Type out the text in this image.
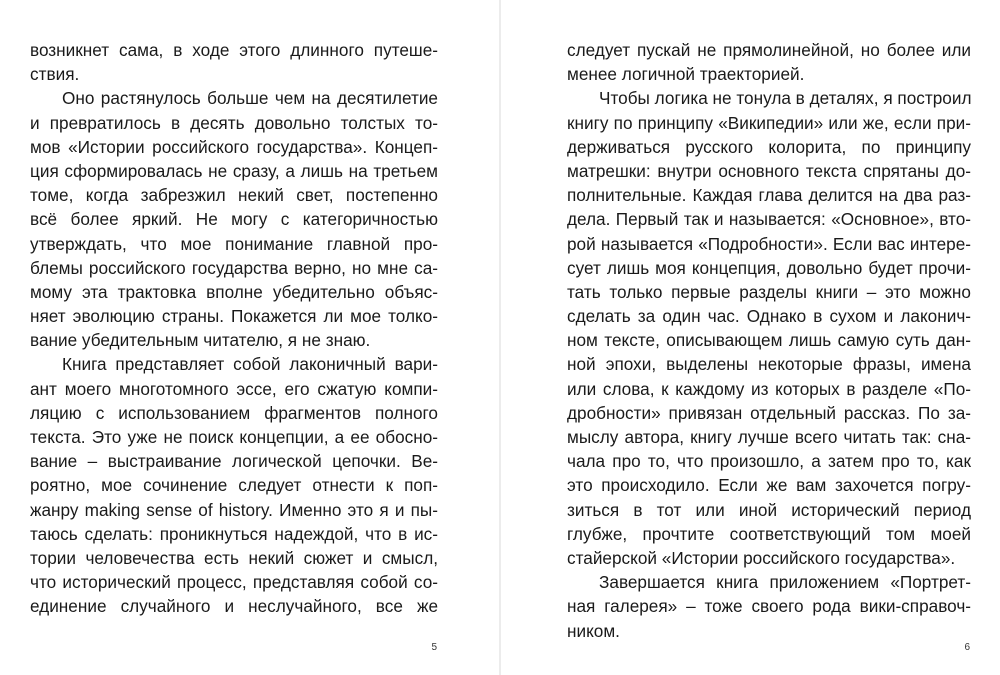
возникнет сама, в ходе этого длинного путеше-
ствия.
Оно растянулось больше чем на десятилетие
и превратилось в десять довольно толстых то-
мов «Истории российского государства». Концеп-
ция сформировалась не сразу, а лишь на третьем
томе, когда забрезжил некий свет, постепенно
всё более яркий. Не могу с категоричностью
утверждать, что мое понимание главной про-
блемы российского государства верно, но мне са-
мому эта трактовка вполне убедительно объяс-
няет эволюцию страны. Покажется ли мое толко-
вание убедительным читателю, я не знаю.
Книга представляет собой лаконичный вари-
ант моего многотомного эссе, его сжатую компи-
ляцию с использованием фрагментов полного
текста. Это уже не поиск концепции, а ее обосно-
вание – выстраивание логической цепочки. Ве-
роятно, мое сочинение следует отнести к поп-
жанру making sense of history. Именно это я и пы-
таюсь сделать: проникнуться надеждой, что в ис-
тории человечества есть некий сюжет и смысл,
что исторический процесс, представляя собой со-
единение случайного и неслучайного, все же
5
следует пускай не прямолинейной, но более или
менее логичной траекторией.
Чтобы логика не тонула в деталях, я построил
книгу по принципу «Википедии» или же, если при-
держиваться русского колорита, по принципу
матрешки: внутри основного текста спрятаны до-
полнительные. Каждая глава делится на два раз-
дела. Первый так и называется: «Основное», вто-
рой называется «Подробности». Если вас интере-
сует лишь моя концепция, довольно будет прочи-
тать только первые разделы книги – это можно
сделать за один час. Однако в сухом и лаконич-
ном тексте, описывающем лишь самую суть дан-
ной эпохи, выделены некоторые фразы, имена
или слова, к каждому из которых в разделе «По-
дробности» привязан отдельный рассказ. По за-
мыслу автора, книгу лучше всего читать так: сна-
чала про то, что произошло, а затем про то, как
это происходило. Если же вам захочется погру-
зиться в тот или иной исторический период
глубже, прочтите соответствующий том моей
стайерской «Истории российского государства».
Завершается книга приложением «Портрет-
ная галерея» – тоже своего рода вики-справоч-
ником.
6
